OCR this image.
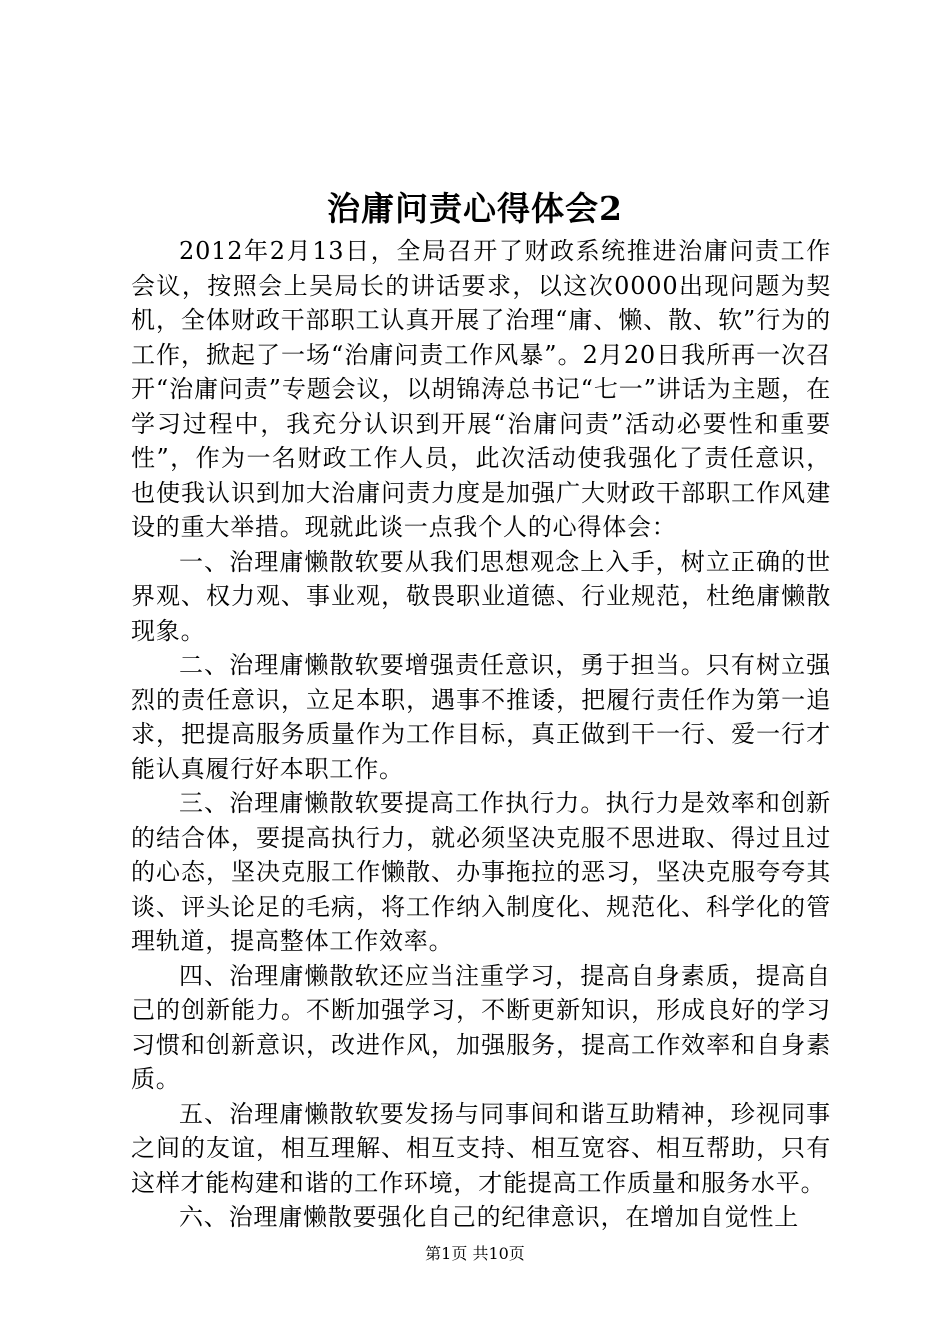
治庸问责心得体会2

2012年2月13日，全局召开了财政系统推进治庸问责工作会议，按照会上吴局长的讲话要求，以这次0000出现问题为契机，全体财政干部职工认真开展了治理“庸、懒、散、软”行为的工作，掀起了一场“治庸问责工作风暴”。2月20日我所再一次召开“治庸问责”专题会议，以胡锦涛总书记“七一”讲话为主题，在学习过程中，我充分认识到开展“治庸问责”活动必要性和重要性”，作为一名财政工作人员，此次活动使我强化了责任意识，也使我认识到加大治庸问责力度是加强广大财政干部职工作风建设的重大举措。现就此谈一点我个人的心得体会：

一、治理庸懒散软要从我们思想观念上入手，树立正确的世界观、权力观、事业观，敬畏职业道德、行业规范，杜绝庸懒散现象。

二、治理庸懒散软要增强责任意识，勇于担当。只有树立强烈的责任意识，立足本职，遇事不推诿，把履行责任作为第一追求，把提高服务质量作为工作目标，真正做到干一行、爱一行才能认真履行好本职工作。

三、治理庸懒散软要提高工作执行力。执行力是效率和创新的结合体，要提高执行力，就必须坚决克服不思进取、得过且过的心态，坚决克服工作懒散、办事拖拉的恶习，坚决克服夸夸其谈、评头论足的毛病，将工作纳入制度化、规范化、科学化的管理轨道，提高整体工作效率。

四、治理庸懒散软还应当注重学习，提高自身素质，提高自己的创新能力。不断加强学习，不断更新知识，形成良好的学习习惯和创新意识，改进作风，加强服务，提高工作效率和自身素质。

五、治理庸懒散软要发扬与同事间和谐互助精神，珍视同事之间的友谊，相互理解、相互支持、相互宽容、相互帮助，只有这样才能构建和谐的工作环境，才能提高工作质量和服务水平。

六、治理庸懒散要强化自己的纪律意识，在增加自觉性上

第1页 共10页
